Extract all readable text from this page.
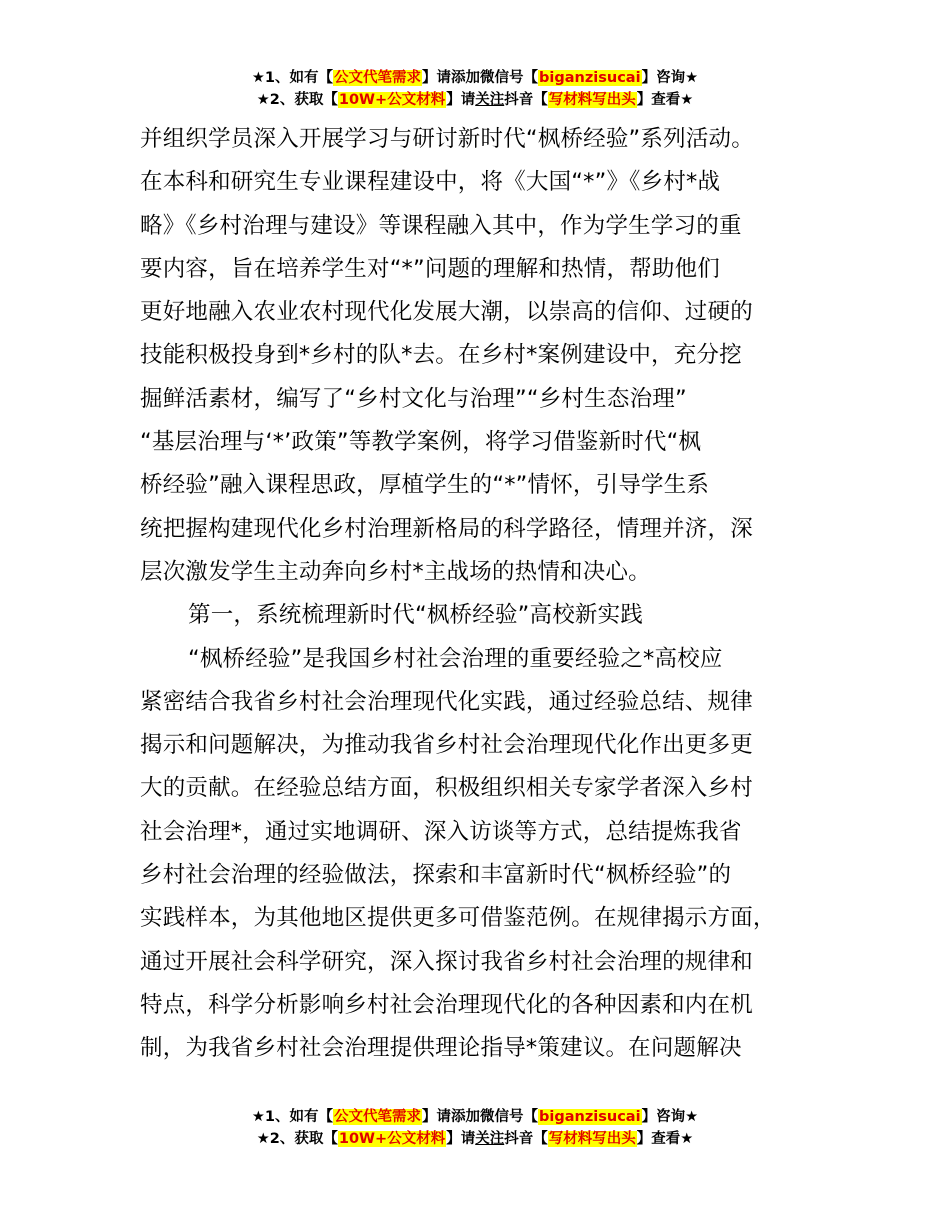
★1、如有【公文代笔需求】请添加微信号【biganzisucai】咨询★
★2、获取【10W+公文材料】请关注抖音【写材料写出头】查看★
并组织学员深入开展学习与研讨新时代“枫桥经验”系列活动。
在本科和研究生专业课程建设中，将《大国“*”》《乡村*战
略》《乡村治理与建设》等课程融入其中，作为学生学习的重
要内容，旨在培养学生对“*”问题的理解和热情，帮助他们
更好地融入农业农村现代化发展大潮，以崇高的信仰、过硬的
技能积极投身到*乡村的队*去。在乡村*案例建设中，充分挖
掘鲜活素材，编写了“乡村文化与治理”“乡村生态治理”
“基层治理与‘*’政策”等教学案例，将学习借鉴新时代“枫
桥经验”融入课程思政，厚植学生的“*”情怀，引导学生系
统把握构建现代化乡村治理新格局的科学路径，情理并济，深
层次激发学生主动奔向乡村*主战场的热情和决心。
第一，系统梳理新时代“枫桥经验”高校新实践
“枫桥经验”是我国乡村社会治理的重要经验之*高校应
紧密结合我省乡村社会治理现代化实践，通过经验总结、规律
揭示和问题解决，为推动我省乡村社会治理现代化作出更多更
大的贡献。在经验总结方面，积极组织相关专家学者深入乡村
社会治理*，通过实地调研、深入访谈等方式，总结提炼我省
乡村社会治理的经验做法，探索和丰富新时代“枫桥经验”的
实践样本，为其他地区提供更多可借鉴范例。在规律揭示方面，
通过开展社会科学研究，深入探讨我省乡村社会治理的规律和
特点，科学分析影响乡村社会治理现代化的各种因素和内在机
制，为我省乡村社会治理提供理论指导*策建议。在问题解决
★1、如有【公文代笔需求】请添加微信号【biganzisucai】咨询★
★2、获取【10W+公文材料】请关注抖音【写材料写出头】查看★
